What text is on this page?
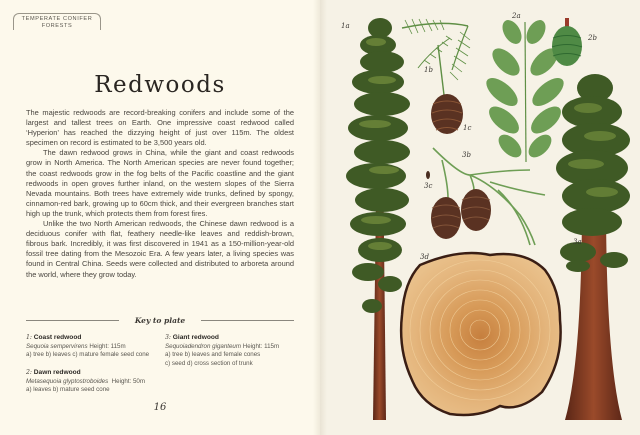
TEMPERATE CONIFER
FORESTS
Redwoods

The majestic redwoods are record-breaking conifers and include some of the largest and tallest trees on Earth. One impressive coast redwood called ‘Hyperion’ has reached the dizzying height of just over 115m. The oldest specimen on record is estimated to be 3,500 years old.

The dawn redwood grows in China, while the giant and coast redwoods grow in North America. The North American species are never found together; the coast redwoods grow in the fog belts of the Pacific coastline and the giant redwoods in open groves further inland, on the western slopes of the Sierra Nevada mountains. Both trees have extremely wide trunks, defined by spongy, cinnamon-red bark, growing up to 60cm thick, and their evergreen branches start high up the trunk, which protects them from forest fires.

Unlike the two North American redwoods, the Chinese dawn redwood is a deciduous conifer with flat, feathery needle-like leaves and reddish-brown, fibrous bark. Incredibly, it was first discovered in 1941 as a 150-million-year-old fossil tree dating from the Mesozoic Era. A few years later, a living species was found in Central China. Seeds were collected and distributed to arboreta around the world, where they grow today.

Key to plate
1: Coast redwood
Sequoia sempervirens Height: 115m
a) tree b) leaves c) mature female seed cone
2: Dawn redwood
Metasequoia glyptostroboides Height: 50m
a) leaves b) mature seed cone
3: Giant redwood
Sequoiadendron giganteum Height: 115m
a) tree b) leaves and female cones
c) seed d) cross section of trunk
16
1a
1b
1c
2a
2b
3a
3b
3c
3d
